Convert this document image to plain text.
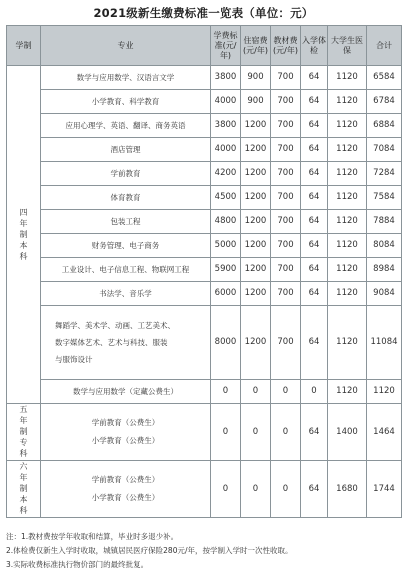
2021级新生缴费标准一览表（单位：元）
学制	专业	学费标准(元/年)	住宿费(元/年)	教材费(元/年)	入学体检	大学生医保	合计
四年制本科	数学与应用数学、汉语言文学	3800	900	700	64	1120	6584

	小学教育、科学教育	4000	900	700	64	1120	6784

	应用心理学、英语、翻译、商务英语	3800	1200	700	64	1120	6884

	酒店管理	4000	1200	700	64	1120	7084

	学前教育	4200	1200	700	64	1120	7284

	体育教育	4500	1200	700	64	1120	7584

	包装工程	4800	1200	700	64	1120	7884

	财务管理、电子商务	5000	1200	700	64	1120	8084

	工业设计、电子信息工程、物联网工程	5900	1200	700	64	1120	8984

	书法学、音乐学	6000	1200	700	64	1120	9084

	舞蹈学、美术学、动画、工艺美术、
数字媒体艺术、艺术与科技、服装
与服饰设计	8000	1200	700	64	1120	11084

	数学与应用数学（定藏公费生）	0	0	0	0	1120	1120
五年制专科	学前教育（公费生）
小学教育（公费生）	0	0	0	64	1400	1464
六年制本科	学前教育（公费生）
小学教育（公费生）	0	0	0	64	1680	1744
注：1.教材费按学年收取和结算，毕业时多退少补。
2.体检费仅新生入学时收取，城镇居民医疗保险280元/年，按学制入学时一次性收取。
3.实际收费标准执行物价部门的最终批复。
